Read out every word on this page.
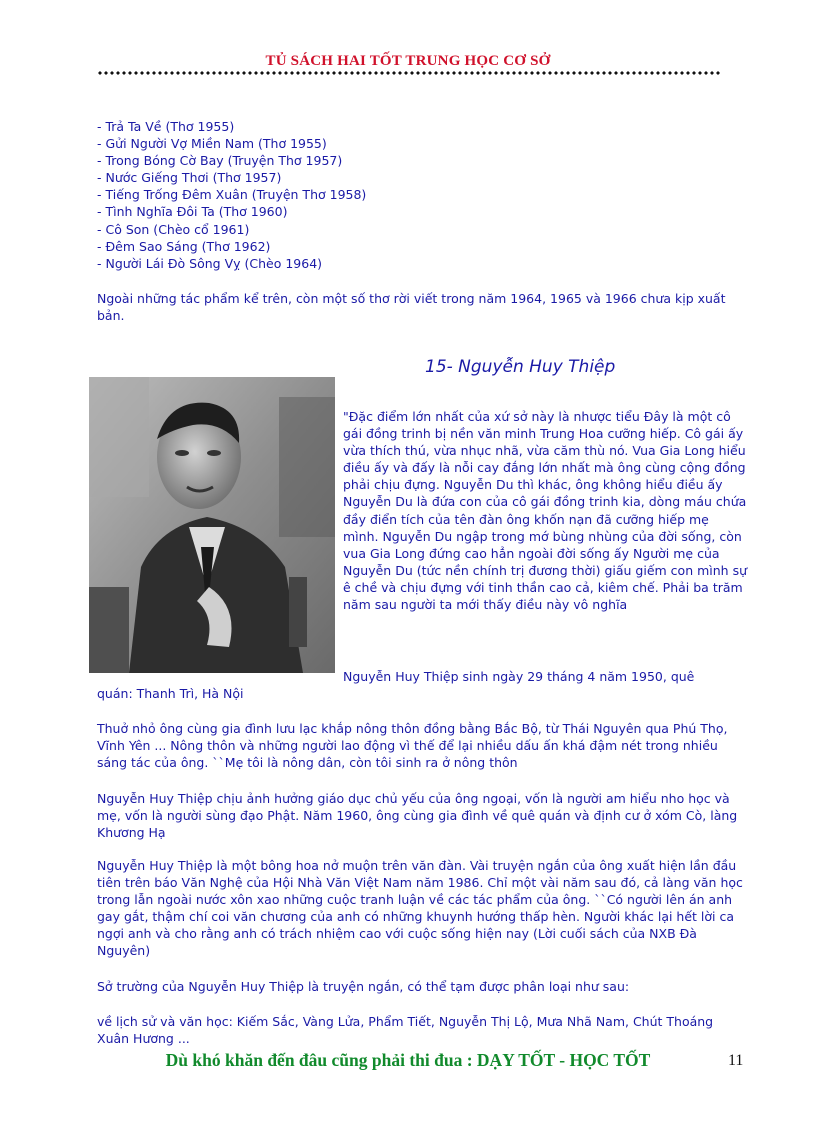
TỦ SÁCH HAI TỐT TRUNG HỌC CƠ SỞ
- Trả Ta Về (Thơ 1955)
- Gửi Người Vợ Miền Nam (Thơ 1955)
- Trong Bóng Cờ Bay (Truyện Thơ 1957)
- Nước Giếng Thơi (Thơ 1957)
- Tiếng Trống Đêm Xuân (Truyện Thơ 1958)
- Tình Nghĩa Đôi Ta (Thơ 1960)
- Cô Son (Chèo cổ 1961)
- Đêm Sao Sáng (Thơ 1962)
- Người Lái Đò Sông Vỵ (Chèo 1964)

Ngoài những tác phẩm kể trên, còn một số thơ rời viết trong năm 1964, 1965 và 1966 chưa kịp xuất bản.

15- Nguyễn Huy Thiệp

"Đặc điểm lớn nhất của xứ sở này là nhược tiểu Đây là một cô gái đồng trinh bị nền văn minh Trung Hoa cưỡng hiếp. Cô gái ấy vừa thích thú, vừa nhục nhã, vừa căm thù nó. Vua Gia Long hiểu điều ấy và đấy là nỗi cay đắng lớn nhất mà ông cùng cộng đồng phải chịu đựng. Nguyễn Du thì khác, ông không hiểu điều ấy Nguyễn Du là đứa con của cô gái đồng trinh kia, dòng máu chứa đầy điển tích của tên đàn ông khốn nạn đã cưỡng hiếp mẹ mình. Nguyễn Du ngập trong mớ bùng nhùng của đời sống, còn vua Gia Long đứng cao hẳn ngoài đời sống ấy Người mẹ của Nguyễn Du (tức nền chính trị đương thời) giấu giếm con mình sự ê chề và chịu đựng với tinh thần cao cả, kiêm chế. Phải ba trăm năm sau người ta mới thấy điều này vô nghĩa

Nguyễn Huy Thiệp sinh ngày 29 tháng 4 năm 1950, quê
quán: Thanh Trì, Hà Nội

Thuở nhỏ ông cùng gia đình lưu lạc khắp nông thôn đồng bằng Bắc Bộ, từ Thái Nguyên qua Phú Thọ, Vĩnh Yên ... Nông thôn và những người lao động vì thế để lại nhiều dấu ấn khá đậm nét trong nhiều sáng tác của ông. ``Mẹ tôi là nông dân, còn tôi sinh ra ở nông thôn

Nguyễn Huy Thiệp chịu ảnh hưởng giáo dục chủ yếu của ông ngoại, vốn là người am hiểu nho học và mẹ, vốn là người sùng đạo Phật. Năm 1960, ông cùng gia đình về quê quán và định cư ở xóm Cò, làng Khương Hạ

Nguyễn Huy Thiệp là một bông hoa nở muộn trên văn đàn. Vài truyện ngắn của ông xuất hiện lần đầu tiên trên báo Văn Nghệ của Hội Nhà Văn Việt Nam năm 1986. Chỉ một vài năm sau đó, cả làng văn học trong lẫn ngoài nước xôn xao những cuộc tranh luận về các tác phẩm của ông. ``Có người lên án anh gay gắt, thậm chí coi văn chương của anh có những khuynh hướng thấp hèn. Người khác lại hết lời ca ngợi anh và cho rằng anh có trách nhiệm cao với cuộc sống hiện nay (Lời cuối sách của NXB Đà Nguyên)

Sở trường của Nguyễn Huy Thiệp là truyện ngắn, có thể tạm được phân loại như sau:

về lịch sử và văn học: Kiếm Sắc, Vàng Lửa, Phẩm Tiết, Nguyễn Thị Lộ, Mưa Nhã Nam, Chút Thoáng Xuân Hương ...

Dù khó khăn đến đâu cũng phải thi đua : DẠY TỐT - HỌC TỐT	11
